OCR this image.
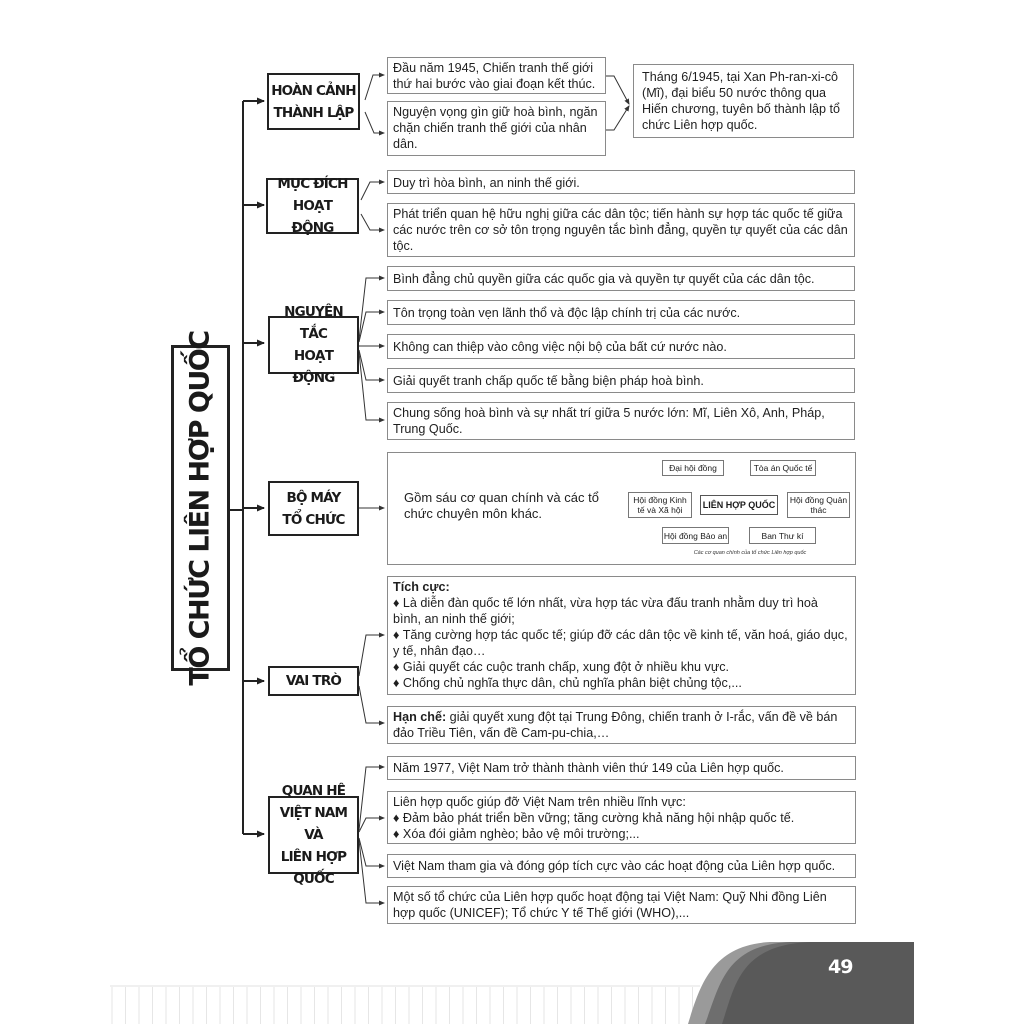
TỔ CHỨC LIÊN HỢP QUỐC
HOÀN CẢNH
THÀNH LẬP
Đầu năm 1945, Chiến tranh thế giới thứ hai bước vào giai đoạn kết thúc.
Nguyện vọng gìn giữ hoà bình, ngăn chặn chiến tranh thế giới của nhân dân.
Tháng 6/1945, tại Xan Ph-ran-xi-cô (Mĩ), đại biểu 50 nước thông qua Hiến chương, tuyên bố thành lập tổ chức Liên hợp quốc.
MỤC ĐÍCH
HOẠT ĐỘNG
Duy trì hòa bình, an ninh thế giới.
Phát triển quan hệ hữu nghị giữa các dân tộc; tiến hành sự hợp tác quốc tế giữa các nước trên cơ sở tôn trọng nguyên tắc bình đẳng, quyền tự quyết của các dân tộc.
NGUYÊN TẮC
HOẠT ĐỘNG
Bình đẳng chủ quyền giữa các quốc gia và quyền tự quyết của các dân tộc.
Tôn trọng toàn vẹn lãnh thổ và độc lập chính trị của các nước.
Không can thiệp vào công việc nội bộ của bất cứ nước nào.
Giải quyết tranh chấp quốc tế bằng biện pháp hoà bình.
Chung sống hoà bình và sự nhất trí giữa 5 nước lớn: Mĩ, Liên Xô, Anh, Pháp, Trung Quốc.
BỘ MÁY
TỔ CHỨC
Gồm sáu cơ quan chính và các tổ chức chuyên môn khác.
Đại hội đồng	Tòa án Quốc tế
Hội đồng Kinh tế và Xã hội	LIÊN HỢP QUỐC	Hội đồng Quản thác
Hội đồng Bảo an	Ban Thư kí
Các cơ quan chính của tổ chức Liên hợp quốc
VAI TRÒ
Tích cực:
♦ Là diễn đàn quốc tế lớn nhất, vừa hợp tác vừa đấu tranh nhằm duy trì hoà bình, an ninh thế giới;
♦ Tăng cường hợp tác quốc tế; giúp đỡ các dân tộc về kinh tế, văn hoá, giáo dục, y tế, nhân đạo…
♦ Giải quyết các cuộc tranh chấp, xung đột ở nhiều khu vực.
♦ Chống chủ nghĩa thực dân, chủ nghĩa phân biệt chủng tộc,...
Hạn chế: giải quyết xung đột tại Trung Đông, chiến tranh ở I-rắc, vấn đề về bán đảo Triều Tiên, vấn đề Cam-pu-chia,…
QUAN HỆ
VIỆT NAM VÀ
LIÊN HỢP QUỐC
Năm 1977, Việt Nam trở thành thành viên thứ 149 của Liên hợp quốc.
Liên hợp quốc giúp đỡ Việt Nam trên nhiều lĩnh vực:
♦ Đảm bảo phát triển bền vững; tăng cường khả năng hội nhập quốc tế.
♦ Xóa đói giảm nghèo; bảo vệ môi trường;...
Việt Nam tham gia và đóng góp tích cực vào các hoạt động của Liên hợp quốc.
Một số tổ chức của Liên hợp quốc hoạt động tại Việt Nam: Quỹ Nhi đồng Liên hợp quốc (UNICEF); Tổ chức Y tế Thế giới (WHO),...
49
